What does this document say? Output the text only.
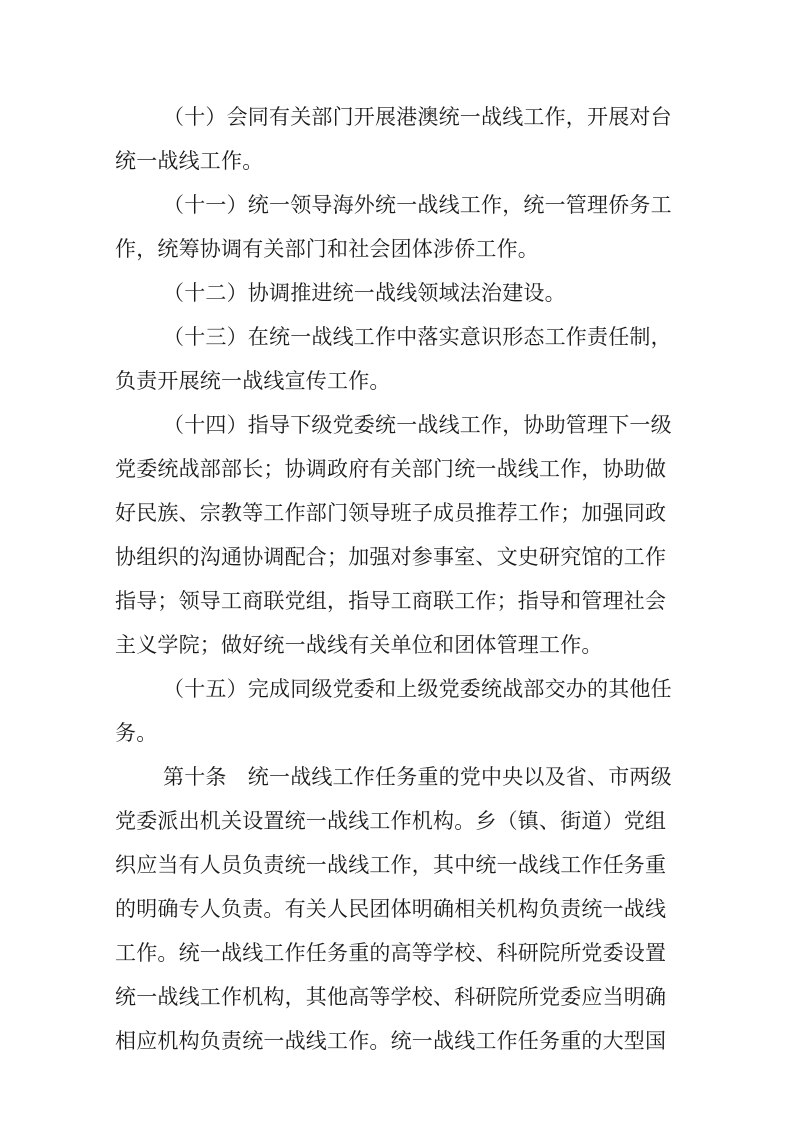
（十）会同有关部门开展港澳统一战线工作，开展对台
统一战线工作。

（十一）统一领导海外统一战线工作，统一管理侨务工
作，统筹协调有关部门和社会团体涉侨工作。

（十二）协调推进统一战线领域法治建设。

（十三）在统一战线工作中落实意识形态工作责任制，
负责开展统一战线宣传工作。

（十四）指导下级党委统一战线工作，协助管理下一级
党委统战部部长；协调政府有关部门统一战线工作，协助做
好民族、宗教等工作部门领导班子成员推荐工作；加强同政
协组织的沟通协调配合；加强对参事室、文史研究馆的工作
指导；领导工商联党组，指导工商联工作；指导和管理社会
主义学院；做好统一战线有关单位和团体管理工作。

（十五）完成同级党委和上级党委统战部交办的其他任
务。

第十条　统一战线工作任务重的党中央以及省、市两级
党委派出机关设置统一战线工作机构。乡（镇、街道）党组
织应当有人员负责统一战线工作，其中统一战线工作任务重
的明确专人负责。有关人民团体明确相关机构负责统一战线
工作。统一战线工作任务重的高等学校、科研院所党委设置
统一战线工作机构，其他高等学校、科研院所党委应当明确
相应机构负责统一战线工作。统一战线工作任务重的大型国
